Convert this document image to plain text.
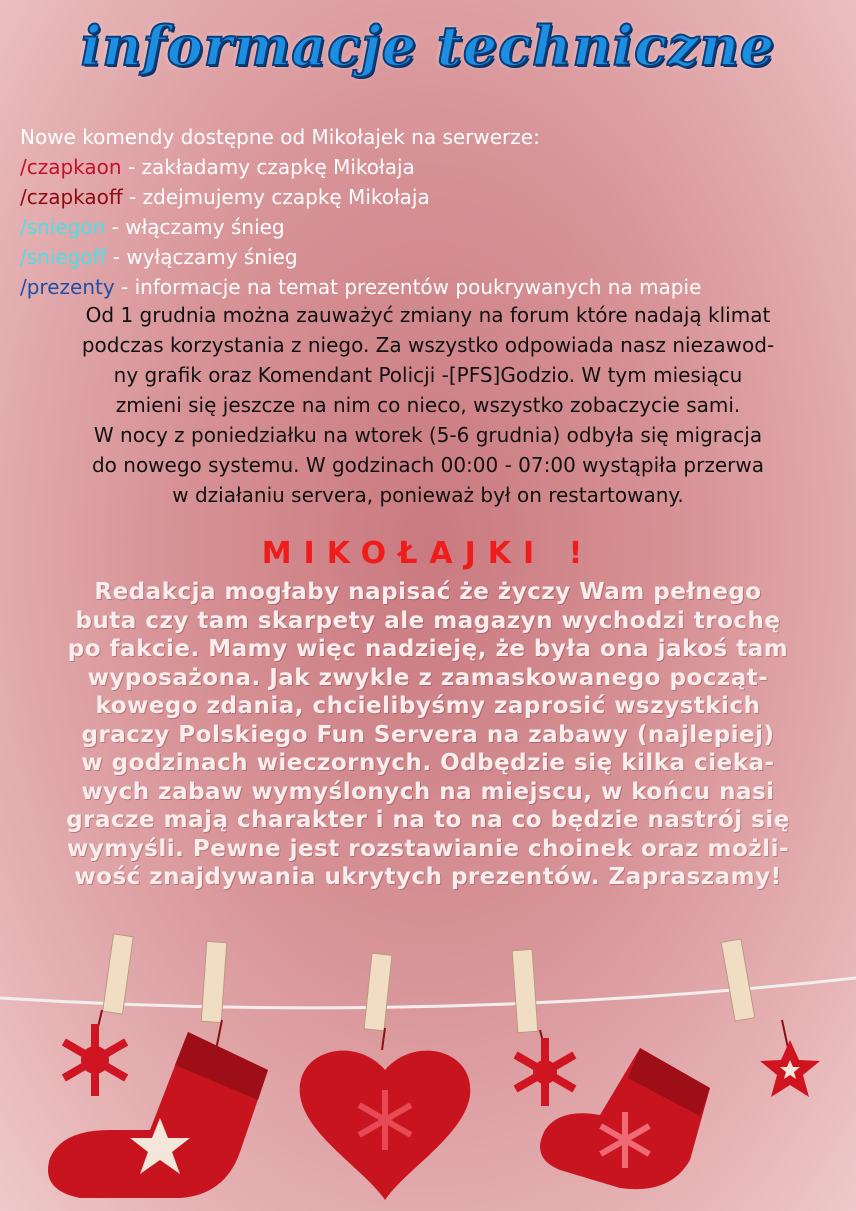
informacje techniczne
Nowe komendy dostępne od Mikołajek na serwerze:
/czapkaon - zakładamy czapkę Mikołaja
/czapkaoff - zdejmujemy czapkę Mikołaja
/sniegon - włączamy śnieg
/sniegoff - wyłączamy śnieg
/prezenty - informacje na temat prezentów poukrywanych na mapie
Od 1 grudnia można zauważyć zmiany na forum które nadają klimat
podczas korzystania z niego. Za wszystko odpowiada nasz niezawod-
ny grafik oraz Komendant Policji -[PFS]Godzio. W tym miesiącu
zmieni się jeszcze na nim co nieco, wszystko zobaczycie sami.
W nocy z poniedziałku na wtorek (5-6 grudnia) odbyła się migracja
do nowego systemu. W godzinach 00:00 - 07:00 wystąpiła przerwa
w działaniu servera, ponieważ był on restartowany.
MIKOŁAJKI !
Redakcja mogłaby napisać że życzy Wam pełnego
buta czy tam skarpety ale magazyn wychodzi trochę
po fakcie. Mamy więc nadzieję, że była ona jakoś tam
wyposażona. Jak zwykle z zamaskowanego począt-
kowego zdania, chcielibyśmy zaprosić wszystkich
graczy Polskiego Fun Servera na zabawy (najlepiej)
w godzinach wieczornych. Odbędzie się kilka cieka-
wych zabaw wymyślonych na miejscu, w końcu nasi
gracze mają charakter i na to na co będzie nastrój się
wymyśli. Pewne jest rozstawianie choinek oraz możli-
wość znajdywania ukrytych prezentów. Zapraszamy!
